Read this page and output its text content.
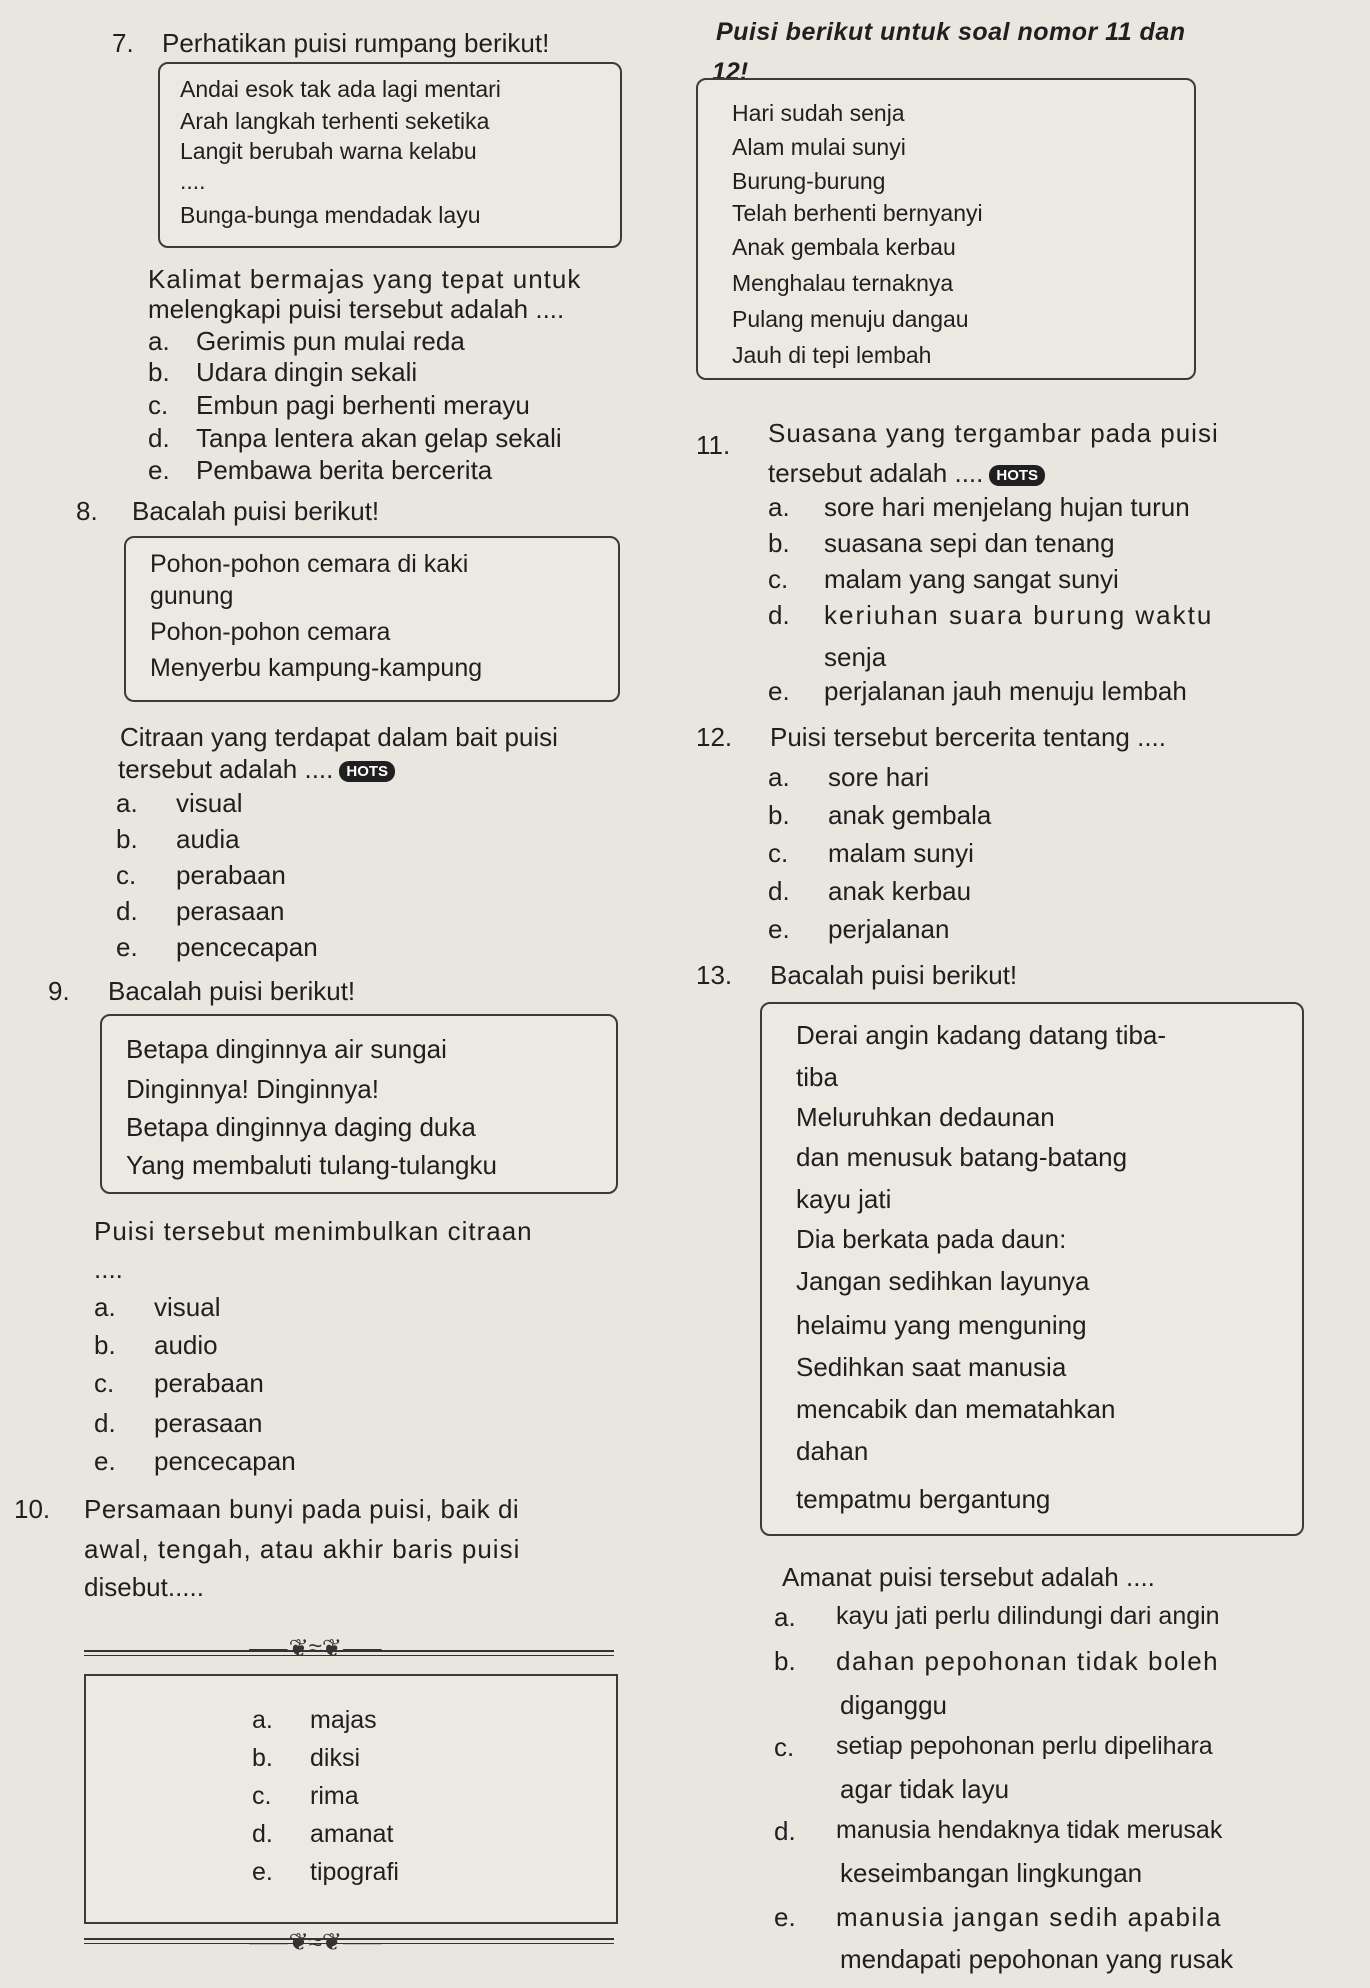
7. Perhatikan puisi rumpang berikut!
Andai esok tak ada lagi mentari
Arah langkah terhenti seketika
Langit berubah warna kelabu
....
Bunga-bunga mendadak layu
Kalimat bermajas yang tepat untuk
melengkapi puisi tersebut adalah ....
a. Gerimis pun mulai reda
b. Udara dingin sekali
c. Embun pagi berhenti merayu
d. Tanpa lentera akan gelap sekali
e. Pembawa berita bercerita
8. Bacalah puisi berikut!
Pohon-pohon cemara di kaki
gunung
Pohon-pohon cemara
Menyerbu kampung-kampung
Citraan yang terdapat dalam bait puisi
tersebut adalah .... HOTS
a. visual
b. audia
c. perabaan
d. perasaan
e. pencecapan
9. Bacalah puisi berikut!
Betapa dinginnya air sungai
Dinginnya! Dinginnya!
Betapa dinginnya daging duka
Yang membaluti tulang-tulangku
Puisi tersebut menimbulkan citraan
....
a. visual
b. audio
c. perabaan
d. perasaan
e. pencecapan
10. Persamaan bunyi pada puisi, baik di
awal, tengah, atau akhir baris puisi
disebut.....
⸺❦≈❦⸺
a. majas
b. diksi
c. rima
d. amanat
e. tipografi
⸺❦≈❦⸺
Puisi berikut untuk soal nomor 11 dan
12!
Hari sudah senja
Alam mulai sunyi
Burung-burung
Telah berhenti bernyanyi
Anak gembala kerbau
Menghalau ternaknya
Pulang menuju dangau
Jauh di tepi lembah
11. Suasana yang tergambar pada puisi
tersebut adalah .... HOTS
a. sore hari menjelang hujan turun
b. suasana sepi dan tenang
c. malam yang sangat sunyi
d. keriuhan suara burung waktu
senja
e. perjalanan jauh menuju lembah
12. Puisi tersebut bercerita tentang ....
a. sore hari
b. anak gembala
c. malam sunyi
d. anak kerbau
e. perjalanan
13. Bacalah puisi berikut!
Derai angin kadang datang tiba-
tiba
Meluruhkan dedaunan
dan menusuk batang-batang
kayu jati
Dia berkata pada daun:
Jangan sedihkan layunya
helaimu yang menguning
Sedihkan saat manusia
mencabik dan mematahkan
dahan
tempatmu bergantung
Amanat puisi tersebut adalah ....
a. kayu jati perlu dilindungi dari angin
b. dahan pepohonan tidak boleh
diganggu
c. setiap pepohonan perlu dipelihara
agar tidak layu
d. manusia hendaknya tidak merusak
keseimbangan lingkungan
e. manusia jangan sedih apabila
mendapati pepohonan yang rusak
